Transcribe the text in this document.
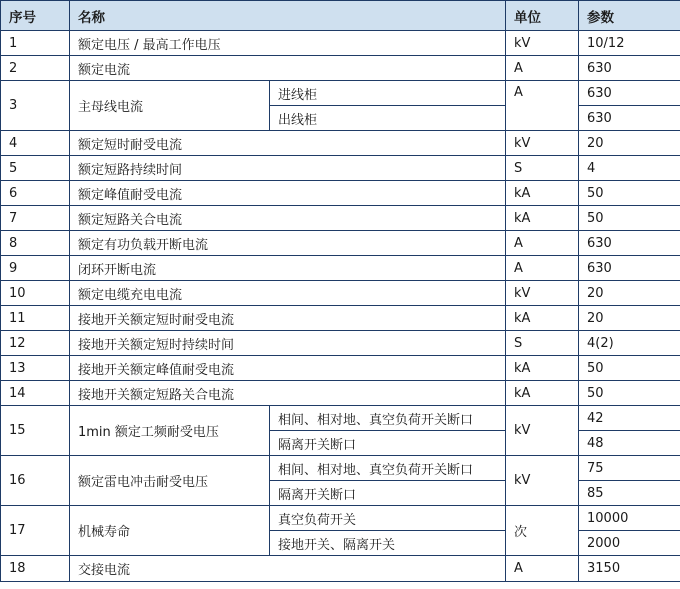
序号	名称		单位	参数
1	额定电压 / 最高工作电压		kV	10/12
2	额定电流		A	630
3	主母线电流	进线柜	A	630
		出线柜		630
4	额定短时耐受电流		kV	20
5	额定短路持续时间		S	4
6	额定峰值耐受电流		kA	50
7	额定短路关合电流		kA	50
8	额定有功负载开断电流		A	630
9	闭环开断电流		A	630
10	额定电缆充电电流		kV	20
11	接地开关额定短时耐受电流		kA	20
12	接地开关额定短时持续时间		S	4(2)
13	接地开关额定峰值耐受电流		kA	50
14	接地开关额定短路关合电流		kA	50
15	1min 额定工频耐受电压	相间、相对地、真空负荷开关断口	kV	42
		隔离开关断口		48
16	额定雷电冲击耐受电压	相间、相对地、真空负荷开关断口	kV	75
		隔离开关断口		85
17	机械寿命	真空负荷开关	次	10000
		接地开关、隔离开关		2000
18	交接电流		A	3150
